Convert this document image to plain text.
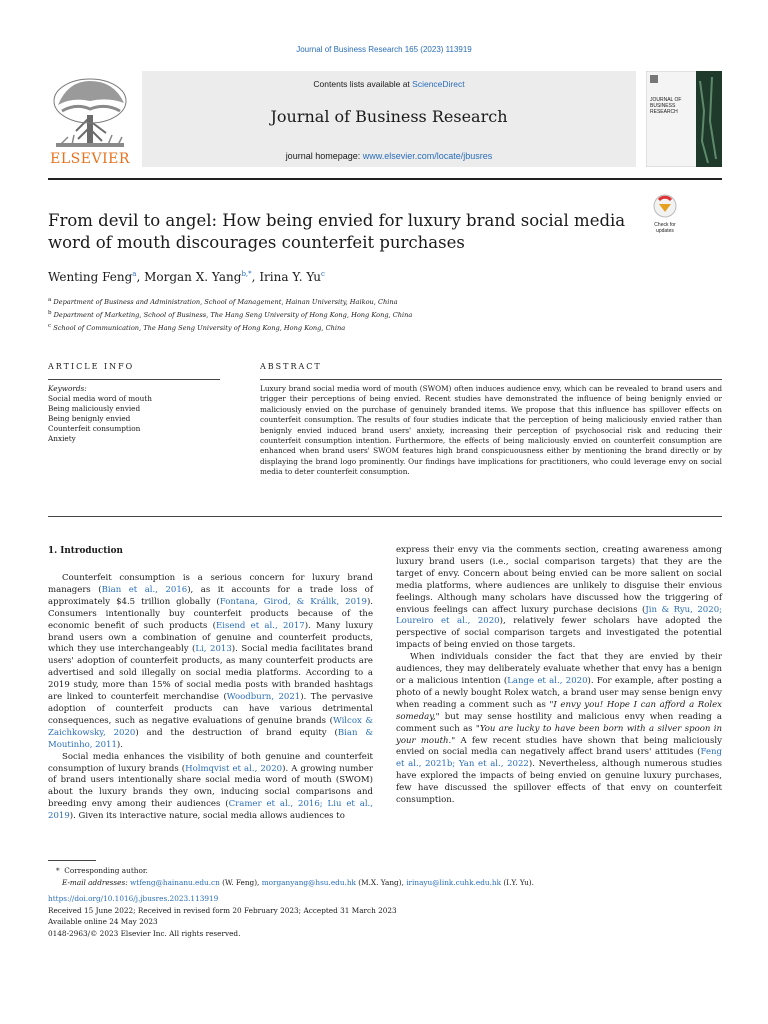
Journal of Business Research 165 (2023) 113919
ELSEVIER
Contents lists available at ScienceDirect
Journal of Business Research
journal homepage: www.elsevier.com/locate/jbusres
JOURNAL OF BUSINESS RESEARCH
From devil to angel: How being envied for luxury brand social media word of mouth discourages counterfeit purchases
Check for updates
Wenting Feng$^a$, Morgan X. Yang$^{b,*}$, Irina Y. Yu$^c$
$^a$ Department of Business and Administration, School of Management, Hainan University, Haikou, China
$^b$ Department of Marketing, School of Business, The Hang Seng University of Hong Kong, Hong Kong, China
$^c$ School of Communication, The Hang Seng University of Hong Kong, Hong Kong, China
ARTICLE INFO	ABSTRACT
Keywords:
Social media word of mouth
Being maliciously envied
Being benignly envied
Counterfeit consumption
Anxiety

Luxury brand social media word of mouth (SWOM) often induces audience envy, which can be revealed to brand users and trigger their perceptions of being envied. Recent studies have demonstrated the influence of being benignly envied or maliciously envied on the purchase of genuinely branded items. We propose that this influence has spillover effects on counterfeit consumption. The results of four studies indicate that the perception of being maliciously envied rather than benignly envied induced brand users' anxiety, increasing their perception of psychosocial risk and reducing their counterfeit consumption intention. Furthermore, the effects of being maliciously envied on counterfeit consumption are enhanced when brand users' SWOM features high brand conspicuousness either by mentioning the brand directly or by displaying the brand logo prominently. Our findings have implications for practitioners, who could leverage envy on social media to deter counterfeit consumption.

1. Introduction

Counterfeit consumption is a serious concern for luxury brand managers (Bian et al., 2016), as it accounts for a trade loss of approximately $4.5 trillion globally (Fontana, Girod, & Králik, 2019). Consumers intentionally buy counterfeit products because of the economic benefit of such products (Eisend et al., 2017). Many luxury brand users own a combination of genuine and counterfeit products, which they use interchangeably (Li, 2013). Social media facilitates brand users' adoption of counterfeit products, as many counterfeit products are advertised and sold illegally on social media platforms. According to a 2019 study, more than 15% of social media posts with branded hashtags are linked to counterfeit merchandise (Woodburn, 2021). The pervasive adoption of counterfeit products can have various detrimental consequences, such as negative evaluations of genuine brands (Wilcox & Zaichkowsky, 2020) and the destruction of brand equity (Bian & Moutinho, 2011).

Social media enhances the visibility of both genuine and counterfeit consumption of luxury brands (Holmqvist et al., 2020). A growing number of brand users intentionally share social media word of mouth (SWOM) about the luxury brands they own, inducing social comparisons and breeding envy among their audiences (Cramer et al., 2016; Liu et al., 2019). Given its interactive nature, social media allows audiences to

express their envy via the comments section, creating awareness among luxury brand users (i.e., social comparison targets) that they are the target of envy. Concern about being envied can be more salient on social media platforms, where audiences are unlikely to disguise their envious feelings. Although many scholars have discussed how the triggering of envious feelings can affect luxury purchase decisions (Jin & Ryu, 2020; Loureiro et al., 2020), relatively fewer scholars have adopted the perspective of social comparison targets and investigated the potential impacts of being envied on those targets.

When individuals consider the fact that they are envied by their audiences, they may deliberately evaluate whether that envy has a benign or a malicious intention (Lange et al., 2020). For example, after posting a photo of a newly bought Rolex watch, a brand user may sense benign envy when reading a comment such as "I envy you! Hope I can afford a Rolex someday," but may sense hostility and malicious envy when reading a comment such as "You are lucky to have been born with a silver spoon in your mouth." A few recent studies have shown that being maliciously envied on social media can negatively affect brand users' attitudes (Feng et al., 2021b; Yan et al., 2022). Nevertheless, although numerous studies have explored the impacts of being envied on genuine luxury purchases, few have discussed the spillover effects of that envy on counterfeit consumption.

* Corresponding author.
E-mail addresses: wtfeng@hainanu.edu.cn (W. Feng), morganyang@hsu.edu.hk (M.X. Yang), irinayu@link.cuhk.edu.hk (I.Y. Yu).
https://doi.org/10.1016/j.jbusres.2023.113919
Received 15 June 2022; Received in revised form 20 February 2023; Accepted 31 March 2023
Available online 24 May 2023
0148-2963/© 2023 Elsevier Inc. All rights reserved.
